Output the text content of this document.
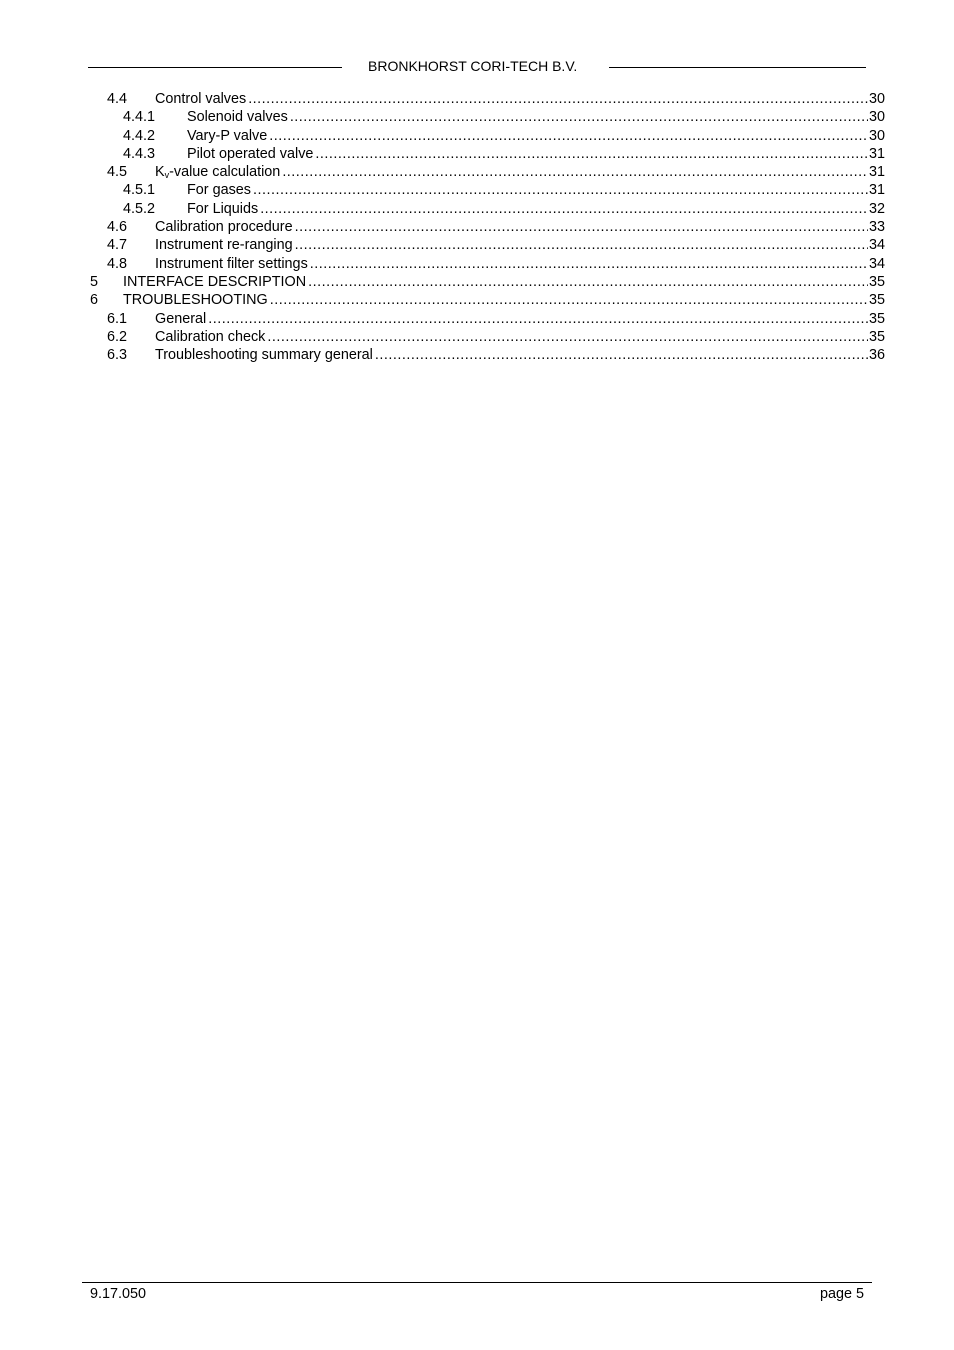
BRONKHORST CORI-TECH B.V.
4.4 Control valves .....	30
4.4.1 Solenoid valves .....	30
4.4.2 Vary-P valve .....	30
4.4.3 Pilot operated valve .....	31
4.5 $K_v$-value calculation .....	31
4.5.1 For gases .....	31
4.5.2 For Liquids .....	32
4.6 Calibration procedure .....	33
4.7 Instrument re-ranging .....	34
4.8 Instrument filter settings .....	34
5 INTERFACE DESCRIPTION .....	35
6 TROUBLESHOOTING .....	35
6.1 General .....	35
6.2 Calibration check .....	35
6.3 Troubleshooting summary general .....	36
9.17.050	page 5
